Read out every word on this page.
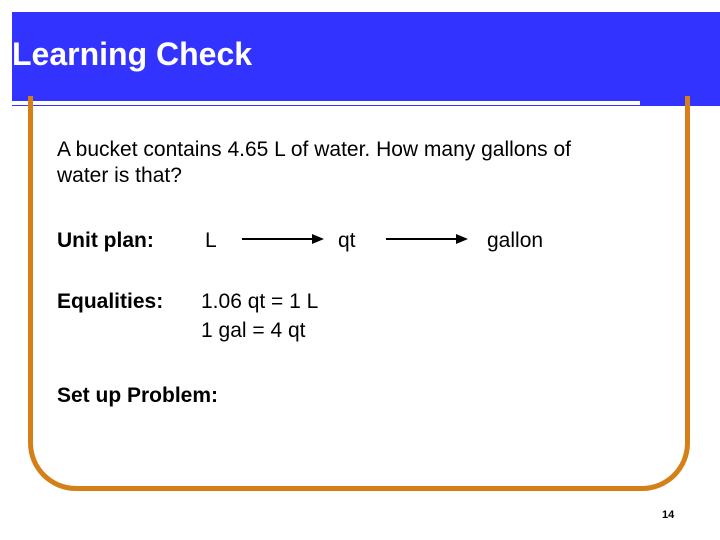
Learning Check
A bucket contains 4.65 L of water. How many gallons of water is that?
Unit plan: L	qt	gallon
Equalities: 1.06 qt = 1 L
1 gal = 4 qt
Set up Problem:
14
